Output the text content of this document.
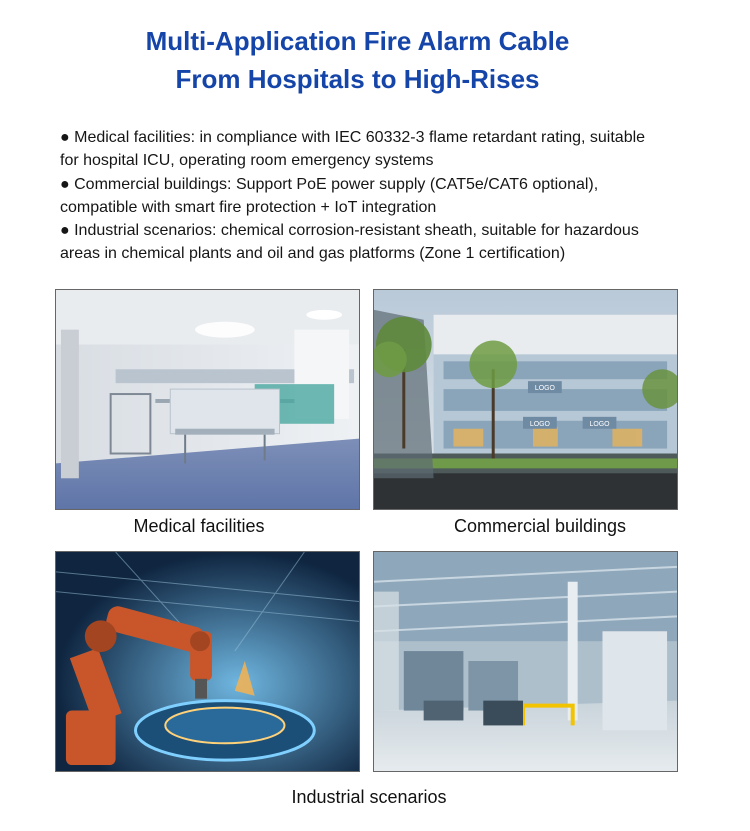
Multi-Application Fire Alarm Cable
From Hospitals to High-Rises

● Medical facilities: in compliance with IEC 60332-3 flame retardant rating, suitable

for hospital ICU, operating room emergency systems

● Commercial buildings: Support PoE power supply (CAT5e/CAT6 optional),

compatible with smart fire protection + IoT integration

● Industrial scenarios: chemical corrosion-resistant sheath, suitable for hazardous

areas in chemical plants and oil and gas platforms (Zone 1 certification)

Medical facilities
LOGO
LOGO	LOGO
Commercial buildings
Industrial scenarios
